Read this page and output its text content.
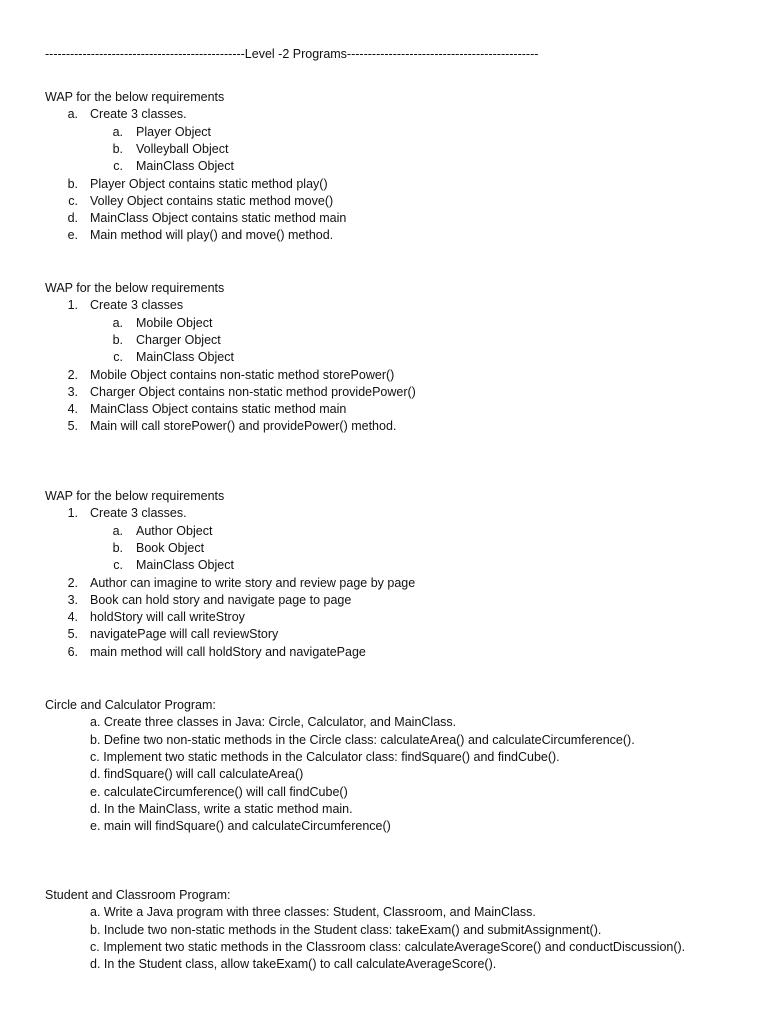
------------------------------------------------Level -2 Programs----------------------------------------------
WAP for the below requirements
a. Create 3 classes.
a. Player Object
b. Volleyball Object
c. MainClass Object
b. Player Object contains static method play()
c. Volley Object contains static method move()
d. MainClass Object contains static method main
e. Main method will play() and move() method.
WAP for the below requirements
1. Create 3 classes
a. Mobile Object
b. Charger Object
c. MainClass Object
2. Mobile Object contains non-static method storePower()
3. Charger Object contains non-static method providePower()
4. MainClass Object contains static method main
5. Main will call storePower() and providePower() method.
WAP for the below requirements
1. Create 3 classes.
a. Author Object
b. Book Object
c. MainClass Object
2. Author can imagine to write story and review page by page
3. Book can hold story and navigate page to page
4. holdStory will call writeStroy
5. navigatePage will call reviewStory
6. main method will call holdStory and navigatePage
Circle and Calculator Program:
a. Create three classes in Java: Circle, Calculator, and MainClass.
b. Define two non-static methods in the Circle class: calculateArea() and calculateCircumference().
c. Implement two static methods in the Calculator class: findSquare() and findCube().
d. findSquare() will call calculateArea()
e. calculateCircumference() will call findCube()
d. In the MainClass, write a static method main.
e. main will findSquare() and calculateCircumference()
Student and Classroom Program:
a. Write a Java program with three classes: Student, Classroom, and MainClass.
b. Include two non-static methods in the Student class: takeExam() and submitAssignment().
c. Implement two static methods in the Classroom class: calculateAverageScore() and conductDiscussion().
d. In the Student class, allow takeExam() to call calculateAverageScore().
